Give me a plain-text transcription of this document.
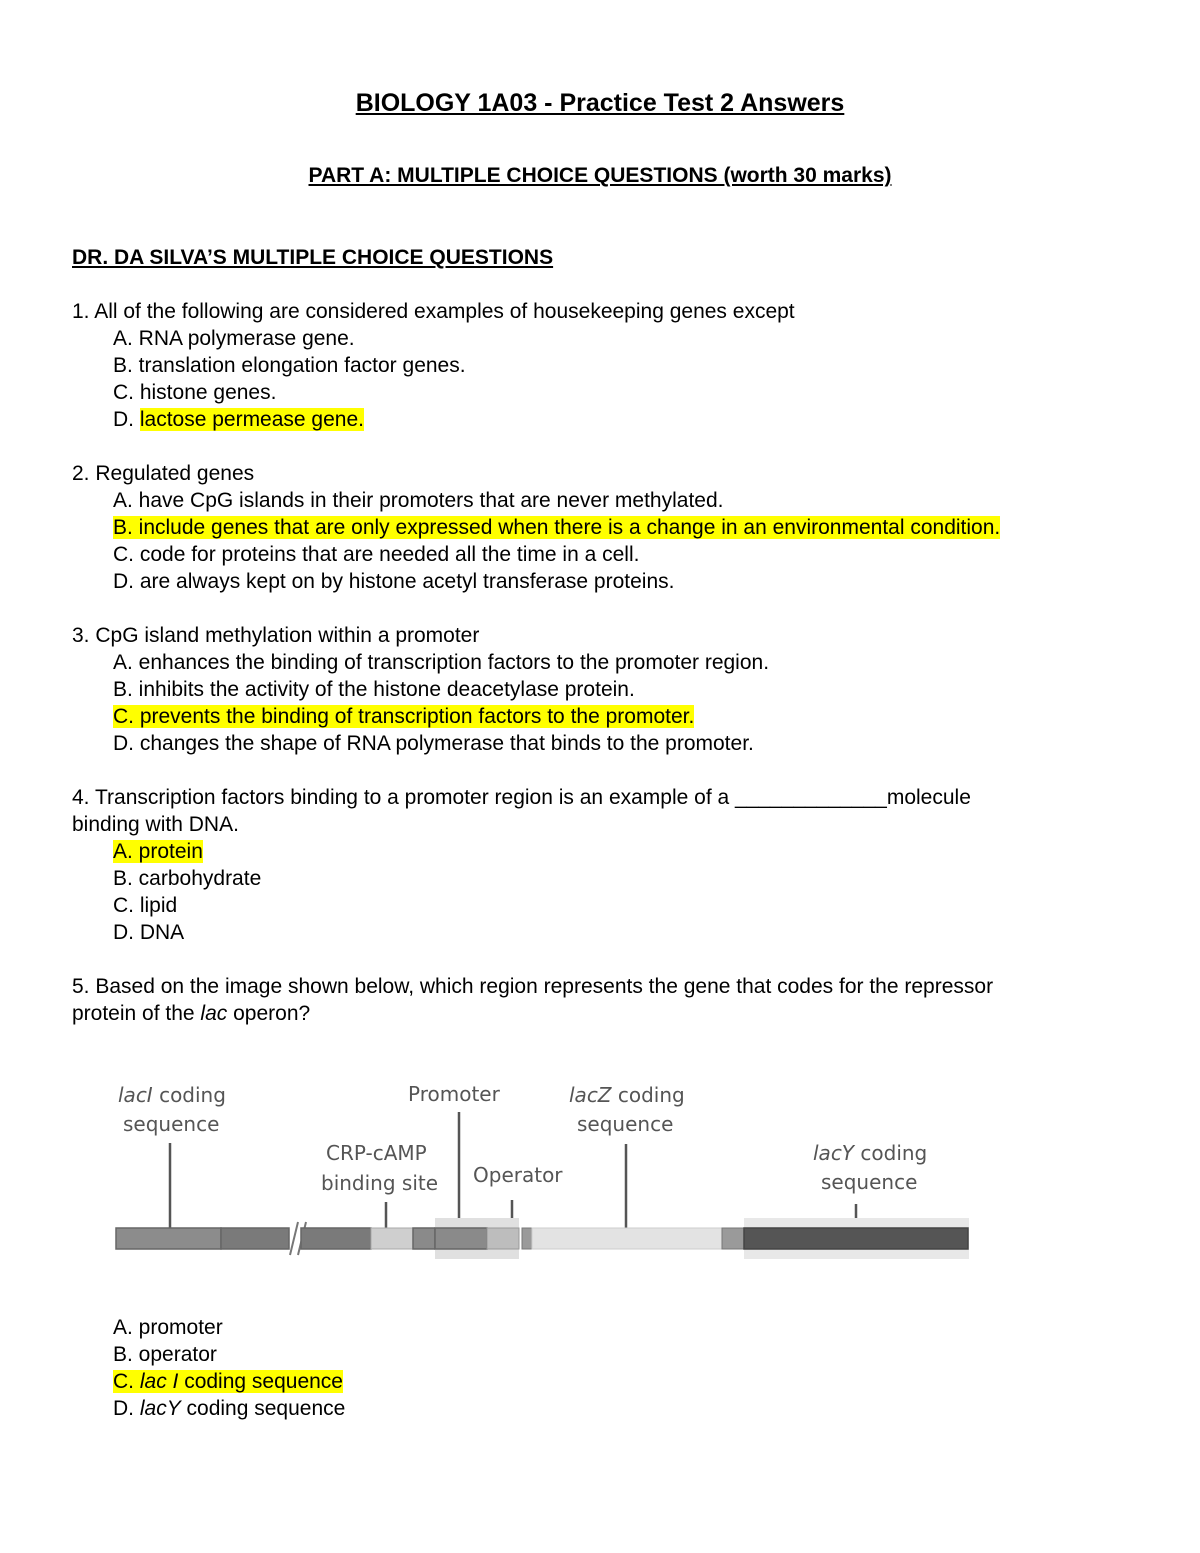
BIOLOGY 1A03 - Practice Test 2 Answers
PART A: MULTIPLE CHOICE QUESTIONS (worth 30 marks)
DR. DA SILVA’S MULTIPLE CHOICE QUESTIONS
1. All of the following are considered examples of housekeeping genes except
A. RNA polymerase gene.
B. translation elongation factor genes.
C. histone genes.
D. lactose permease gene.
2. Regulated genes
A. have CpG islands in their promoters that are never methylated.
B. include genes that are only expressed when there is a change in an environmental condition.
C. code for proteins that are needed all the time in a cell.
D. are always kept on by histone acetyl transferase proteins.
3. CpG island methylation within a promoter
A. enhances the binding of transcription factors to the promoter region.
B. inhibits the activity of the histone deacetylase protein.
C. prevents the binding of transcription factors to the promoter.
D. changes the shape of RNA polymerase that binds to the promoter.
4. Transcription factors binding to a promoter region is an example of a _____________molecule
binding with DNA.
A. protein
B. carbohydrate
C. lipid
D. DNA
5. Based on the image shown below, which region represents the gene that codes for the repressor
protein of the lac operon?
lacI coding
sequence
Promoter	lacZ coding
sequence
CRP-cAMP
binding site Operator
lacY coding
sequence
A. promoter
B. operator
C. lac I coding sequence
D. lacY coding sequence
